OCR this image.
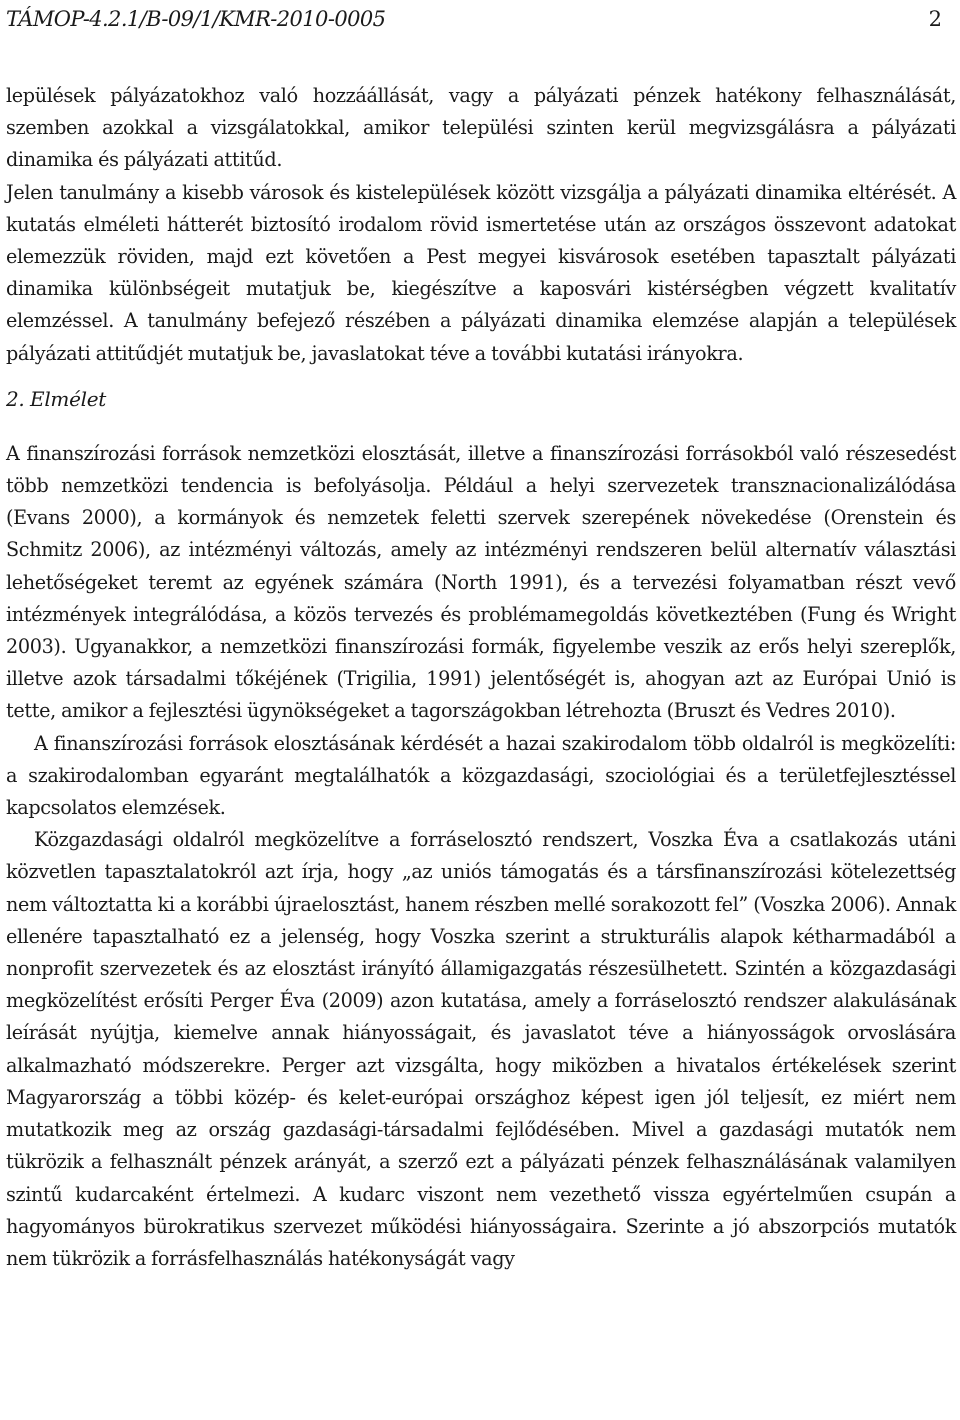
TÁMOP-4.2.1/B-09/1/KMR-2010-0005	2

lepülések pályázatokhoz való hozzáállását, vagy a pályázati pénzek hatékony felhasználását, szemben azokkal a vizsgálatokkal, amikor települési szinten kerül megvizsgálásra a pályázati dinamika és pályázati attitűd.

Jelen tanulmány a kisebb városok és kistelepülések között vizsgálja a pályázati dinamika eltérését. A kutatás elméleti hátterét biztosító irodalom rövid ismertetése után az országos összevont adatokat elemezzük röviden, majd ezt követően a Pest megyei kisvárosok esetében tapasztalt pályázati dinamika különbségeit mutatjuk be, kiegészítve a kaposvári kistérségben végzett kvalitatív elemzéssel. A tanulmány befejező részében a pályázati dinamika elemzése alapján a települések pályázati attitűdjét mutatjuk be, javaslatokat téve a további kutatási irányokra.

2. Elmélet

A finanszírozási források nemzetközi elosztását, illetve a finanszírozási forrásokból való részesedést több nemzetközi tendencia is befolyásolja. Például a helyi szervezetek transznacionalizálódása (Evans 2000), a kormányok és nemzetek feletti szervek szerepének növekedése (Orenstein és Schmitz 2006), az intézményi változás, amely az intézményi rendszeren belül alternatív választási lehetőségeket teremt az egyének számára (North 1991), és a tervezési folyamatban részt vevő intézmények integrálódása, a közös tervezés és problémamegoldás következtében (Fung és Wright 2003). Ugyanakkor, a nemzetközi finanszírozási formák, figyelembe veszik az erős helyi szereplők, illetve azok társadalmi tőkéjének (Trigilia, 1991) jelentőségét is, ahogyan azt az Európai Unió is tette, amikor a fejlesztési ügynökségeket a tagországokban létrehozta (Bruszt és Vedres 2010).

A finanszírozási források elosztásának kérdését a hazai szakirodalom több oldalról is megközelíti: a szakirodalomban egyaránt megtalálhatók a közgazdasági, szociológiai és a területfejlesztéssel kapcsolatos elemzések.

Közgazdasági oldalról megközelítve a forráselosztó rendszert, Voszka Éva a csatlakozás utáni közvetlen tapasztalatokról azt írja, hogy „az uniós támogatás és a társfinanszírozási kötelezettség nem változtatta ki a korábbi újraelosztást, hanem részben mellé sorakozott fel” (Voszka 2006). Annak ellenére tapasztalható ez a jelenség, hogy Voszka szerint a strukturális alapok kétharmadából a nonprofit szervezetek és az elosztást irányító államigazgatás részesülhetett. Szintén a közgazdasági megközelítést erősíti Perger Éva (2009) azon kutatása, amely a forráselosztó rendszer alakulásának leírását nyújtja, kiemelve annak hiányosságait, és javaslatot téve a hiányosságok orvoslására alkalmazható módszerekre. Perger azt vizsgálta, hogy miközben a hivatalos értékelések szerint Magyarország a többi közép- és kelet-európai országhoz képest igen jól teljesít, ez miért nem mutatkozik meg az ország gazdasági-társadalmi fejlődésében. Mivel a gazdasági mutatók nem tükrözik a felhasznált pénzek arányát, a szerző ezt a pályázati pénzek felhasználásának valamilyen szintű kudarcaként értelmezi. A kudarc viszont nem vezethető vissza egyértelműen csupán a hagyományos bürokratikus szervezet működési hiányosságaira. Szerinte a jó abszorpciós mutatók nem tükrözik a forrásfelhasználás hatékonyságát vagy
